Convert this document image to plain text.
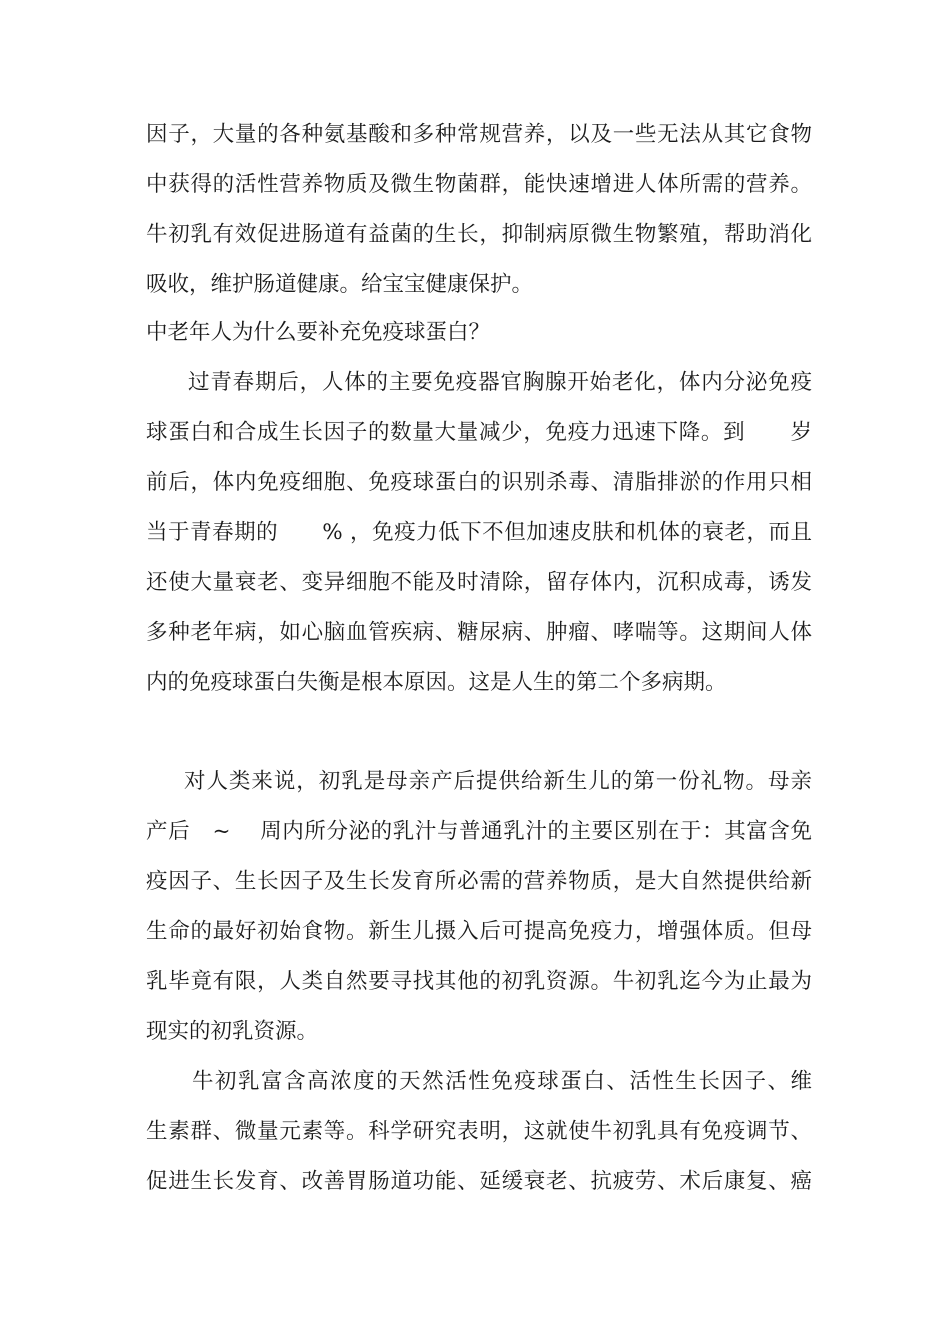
因子，大量的各种氨基酸和多种常规营养，以及一些无法从其它食物
中获得的活性营养物质及微生物菌群，能快速增进人体所需的营养。
牛初乳有效促进肠道有益菌的生长，抑制病原微生物繁殖，帮助消化
吸收，维护肠道健康。给宝宝健康保护。
中老年人为什么要补充免疫球蛋白？
过青春期后，人体的主要免疫器官胸腺开始老化，体内分泌免疫
球蛋白和合成生长因子的数量大量减少，免疫力迅速下降。到      岁
前后，体内免疫细胞、免疫球蛋白的识别杀毒、清脂排淤的作用只相
当于青春期的      % ，免疫力低下不但加速皮肤和机体的衰老，而且
还使大量衰老、变异细胞不能及时清除，留存体内，沉积成毒，诱发
多种老年病，如心脑血管疾病、糖尿病、肿瘤、哮喘等。这期间人体
内的免疫球蛋白失衡是根本原因。这是人生的第二个多病期。
对人类来说，初乳是母亲产后提供给新生儿的第一份礼物。母亲
产后   ~    周内所分泌的乳汁与普通乳汁的主要区别在于：其富含免
疫因子、生长因子及生长发育所必需的营养物质，是大自然提供给新
生命的最好初始食物。新生儿摄入后可提高免疫力，增强体质。但母
乳毕竟有限，人类自然要寻找其他的初乳资源。牛初乳迄今为止最为
现实的初乳资源。
牛初乳富含高浓度的天然活性免疫球蛋白、活性生长因子、维
生素群、微量元素等。科学研究表明，这就使牛初乳具有免疫调节、
促进生长发育、改善胃肠道功能、延缓衰老、抗疲劳、术后康复、癌
